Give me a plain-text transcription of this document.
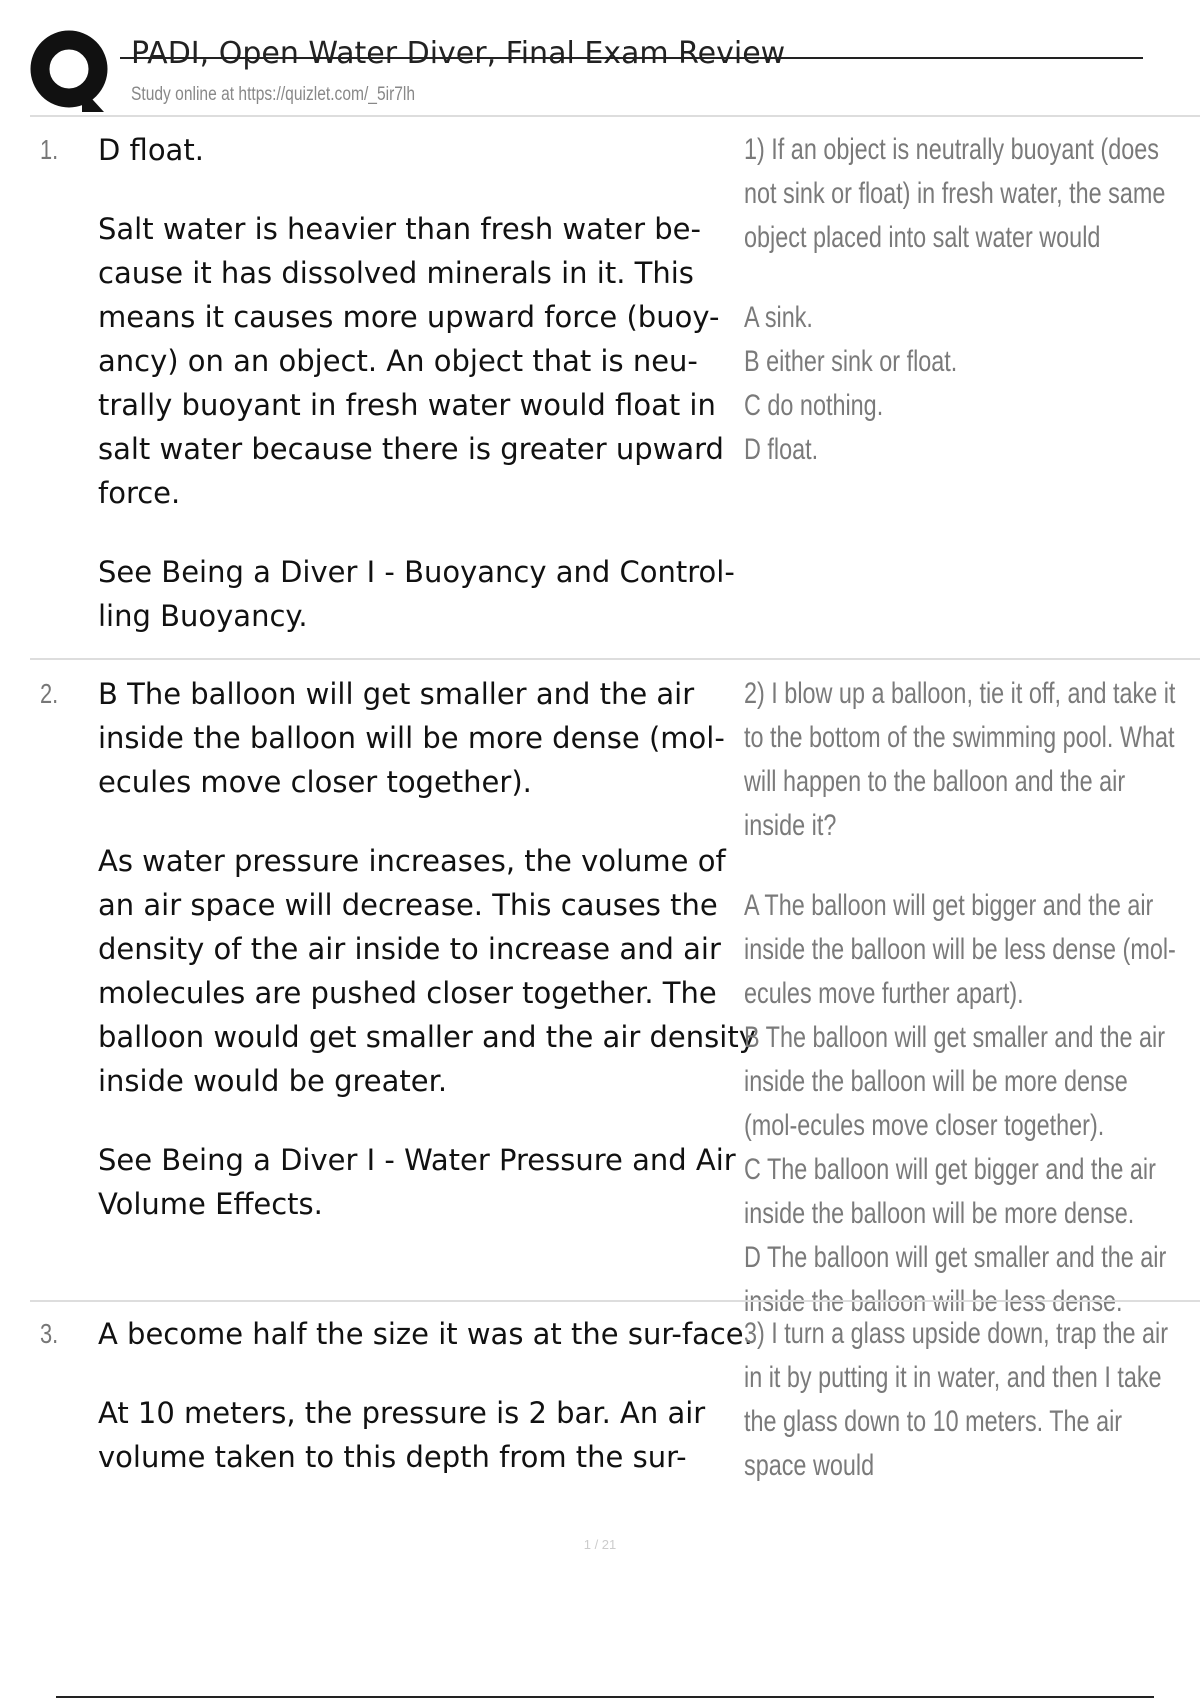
PADI, Open Water Diver, Final Exam Review
Study online at https://quizlet.com/_5ir7lh
1. D float.

Salt water is heavier than fresh water be-cause it has dissolved minerals in it. This means it causes more upward force (buoy-ancy) on an object. An object that is neu-trally buoyant in fresh water would float in salt water because there is greater upward force.

See Being a Diver I - Buoyancy and Control-ling Buoyancy.

1) If an object is neutrally buoyant (does not sink or float) in fresh water, the same object placed into salt water would

A sink.
B either sink or float.
C do nothing.
D float.
2. B The balloon will get smaller and the air inside the balloon will be more dense (mol-ecules move closer together).

As water pressure increases, the volume of an air space will decrease. This causes the density of the air inside to increase and air molecules are pushed closer together. The balloon would get smaller and the air density inside would be greater.

See Being a Diver I - Water Pressure and Air Volume Effects.

2) I blow up a balloon, tie it off, and take it to the bottom of the swimming pool. What will happen to the balloon and the air inside it?

A The balloon will get bigger and the air inside the balloon will be less dense (mol-ecules move further apart).
B The balloon will get smaller and the air inside the balloon will be more dense (mol-ecules move closer together).
C The balloon will get bigger and the air inside the balloon will be more dense.
D The balloon will get smaller and the air inside the balloon will be less dense.
3. A become half the size it was at the sur-face.

At 10 meters, the pressure is 2 bar. An air volume taken to this depth from the sur-

3) I turn a glass upside down, trap the air in it by putting it in water, and then I take the glass down to 10 meters. The air space would

1 / 21
